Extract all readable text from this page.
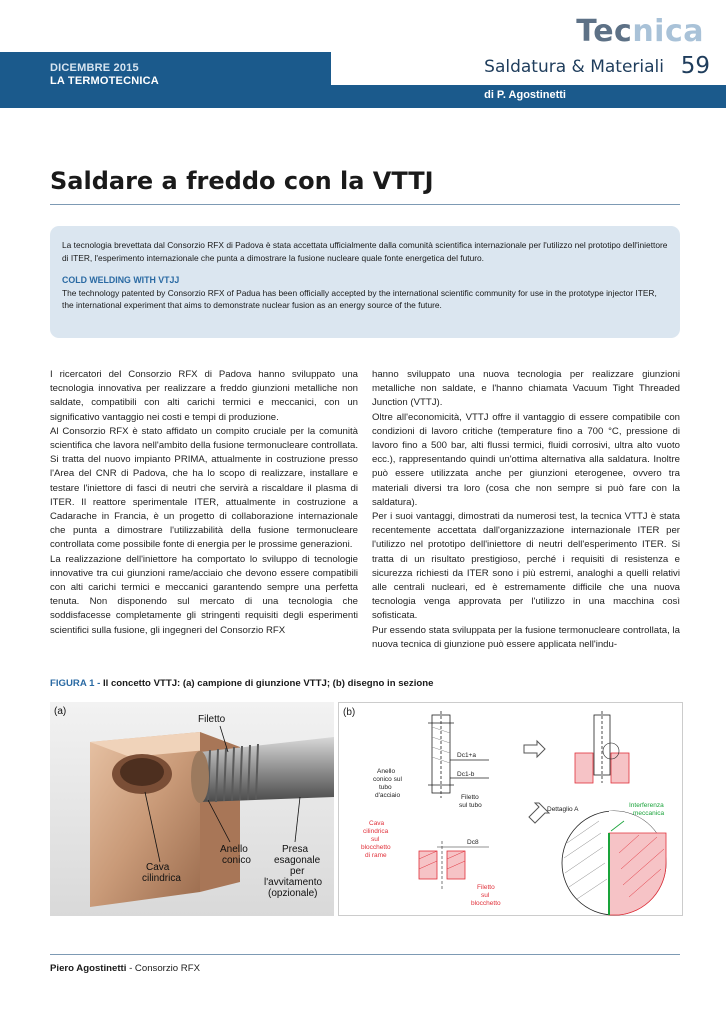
Tecnica
DICEMBRE 2015
LA TERMOTECNICA
Saldatura & Materiali 59
di P. Agostinetti
Saldare a freddo con la VTTJ

La tecnologia brevettata dal Consorzio RFX di Padova è stata accettata ufficialmente dalla comunità scientifica internazionale per l'utilizzo nel prototipo dell'iniettore di ITER, l'esperimento internazionale che punta a dimostrare la fusione nucleare quale fonte energetica del futuro.

COLD WELDING WITH VTJJ

The technology patented by Consorzio RFX of Padua has been officially accepted by the international scientific community for use in the prototype injector ITER, the international experiment that aims to demonstrate nuclear fusion as an energy source of the future.

I ricercatori del Consorzio RFX di Padova hanno sviluppato una tecnologia innovativa per realizzare a freddo giunzioni metalliche non saldate, compatibili con alti carichi termici e meccanici, con un significativo vantaggio nei costi e tempi di produzione.

Al Consorzio RFX è stato affidato un compito cruciale per la comunità scientifica che lavora nell'ambito della fusione termonucleare controllata. Si tratta del nuovo impianto PRIMA, attualmente in costruzione presso l'Area del CNR di Padova, che ha lo scopo di realizzare, installare e testare l'iniettore di fasci di neutri che servirà a riscaldare il plasma di ITER. Il reattore sperimentale ITER, attualmente in costruzione a Cadarache in Francia, è un progetto di collaborazione internazionale che punta a dimostrare l'utilizzabilità della fusione termonucleare controllata come possibile fonte di energia per le prossime generazioni.

La realizzazione dell'iniettore ha comportato lo sviluppo di tecnologie innovative tra cui giunzioni rame/acciaio che devono essere compatibili con alti carichi termici e meccanici garantendo sempre una perfetta tenuta. Non disponendo sul mercato di una tecnologia che soddisfacesse completamente gli stringenti requisiti degli esperimenti scientifici sulla fusione, gli ingegneri del Consorzio RFX

hanno sviluppato una nuova tecnologia per realizzare giunzioni metalliche non saldate, e l'hanno chiamata Vacuum Tight Threaded Junction (VTTJ).

Oltre all'economicità, VTTJ offre il vantaggio di essere compatibile con condizioni di lavoro critiche (temperature fino a 700 °C, pressione di lavoro fino a 500 bar, alti flussi termici, fluidi corrosivi, ultra alto vuoto ecc.), rappresentando quindi un'ottima alternativa alla saldatura. Inoltre può essere utilizzata anche per giunzioni eterogenee, ovvero tra materiali diversi tra loro (cosa che non sempre si può fare con la saldatura).

Per i suoi vantaggi, dimostrati da numerosi test, la tecnica VTTJ è stata recentemente accettata dall'organizzazione internazionale ITER per l'utilizzo nel prototipo dell'iniettore di neutri dell'esperimento ITER. Si tratta di un risultato prestigioso, perché i requisiti di resistenza e sicurezza richiesti da ITER sono i più estremi, analoghi a quelli relativi alle centrali nucleari, ed è estremamente difficile che una nuova tecnologia venga approvata per l'utilizzo in una macchina così sofisticata.

Pur essendo stata sviluppata per la fusione termonucleare controllata, la nuova tecnica di giunzione può essere applicata nell'indu-

FIGURA 1 - Il concetto VTTJ: (a) campione di giunzione VTTJ; (b) disegno in sezione
(a)
Filetto
Cava
cilindrica
Anello
conico
Presa
esagonale
per
l'avvitamento
(opzionale)
(b)
Dc1+a
Dc1-b
Anello
conico sul
tubo
d'acciaio	Filetto
sul tubo
Cava
cilindrica
sul
blocchetto
di rame
Filetto
sul
blocchetto
Dc8
Dettaglio A
Interferenza
meccanica
Piero Agostinetti - Consorzio RFX
